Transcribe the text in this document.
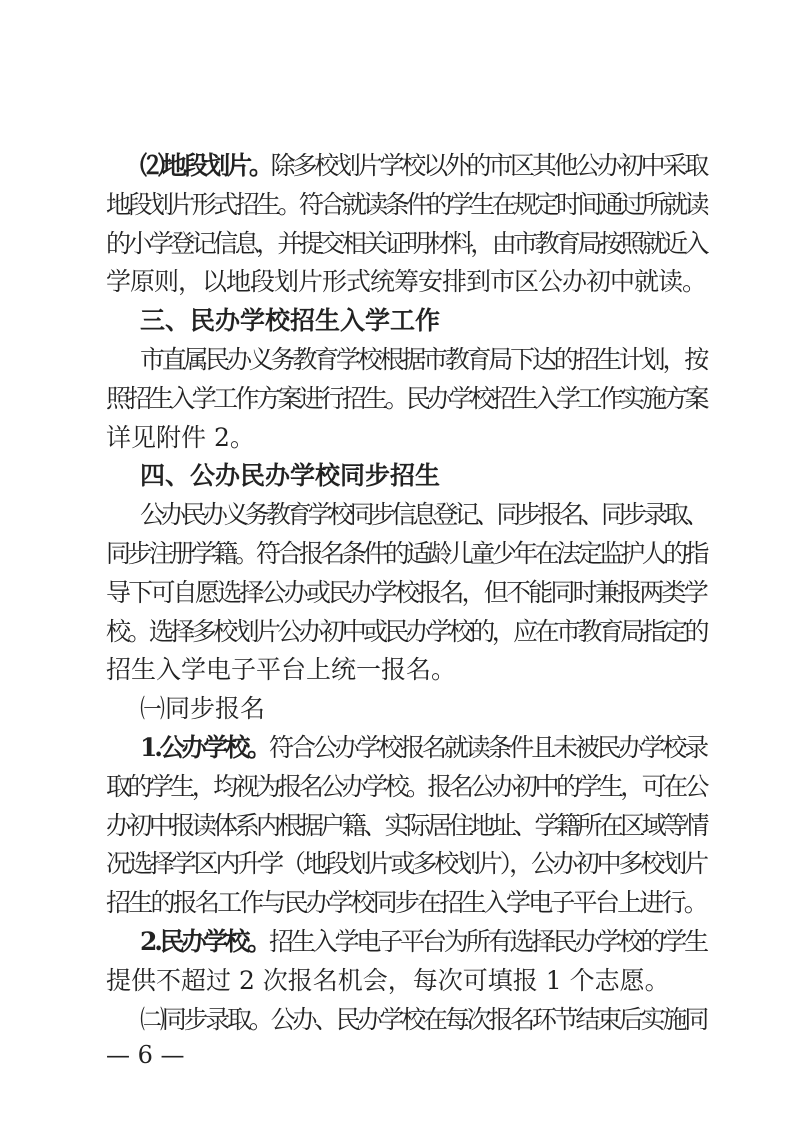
⑵地段划片。除多校划片学校以外的市区其他公办初中采取
地段划片形式招生。符合就读条件的学生在规定时间通过所就读
的小学登记信息，并提交相关证明材料，由市教育局按照就近入
学原则，以地段划片形式统筹安排到市区公办初中就读。
三、民办学校招生入学工作
市直属民办义务教育学校根据市教育局下达的招生计划，按
照招生入学工作方案进行招生。民办学校招生入学工作实施方案
详见附件 2。
四、公办民办学校同步招生
公办民办义务教育学校同步信息登记、同步报名、同步录取、
同步注册学籍。符合报名条件的适龄儿童少年在法定监护人的指
导下可自愿选择公办或民办学校报名，但不能同时兼报两类学
校。选择多校划片公办初中或民办学校的，应在市教育局指定的
招生入学电子平台上统一报名。
㈠同步报名
1.公办学校。符合公办学校报名就读条件且未被民办学校录
取的学生，均视为报名公办学校。报名公办初中的学生，可在公
办初中报读体系内根据户籍、实际居住地址、学籍所在区域等情
况选择学区内升学（地段划片或多校划片），公办初中多校划片
招生的报名工作与民办学校同步在招生入学电子平台上进行。
2.民办学校。招生入学电子平台为所有选择民办学校的学生
提供不超过 2 次报名机会，每次可填报 1 个志愿。
㈡同步录取。公办、民办学校在每次报名环节结束后实施同
— 6 —
